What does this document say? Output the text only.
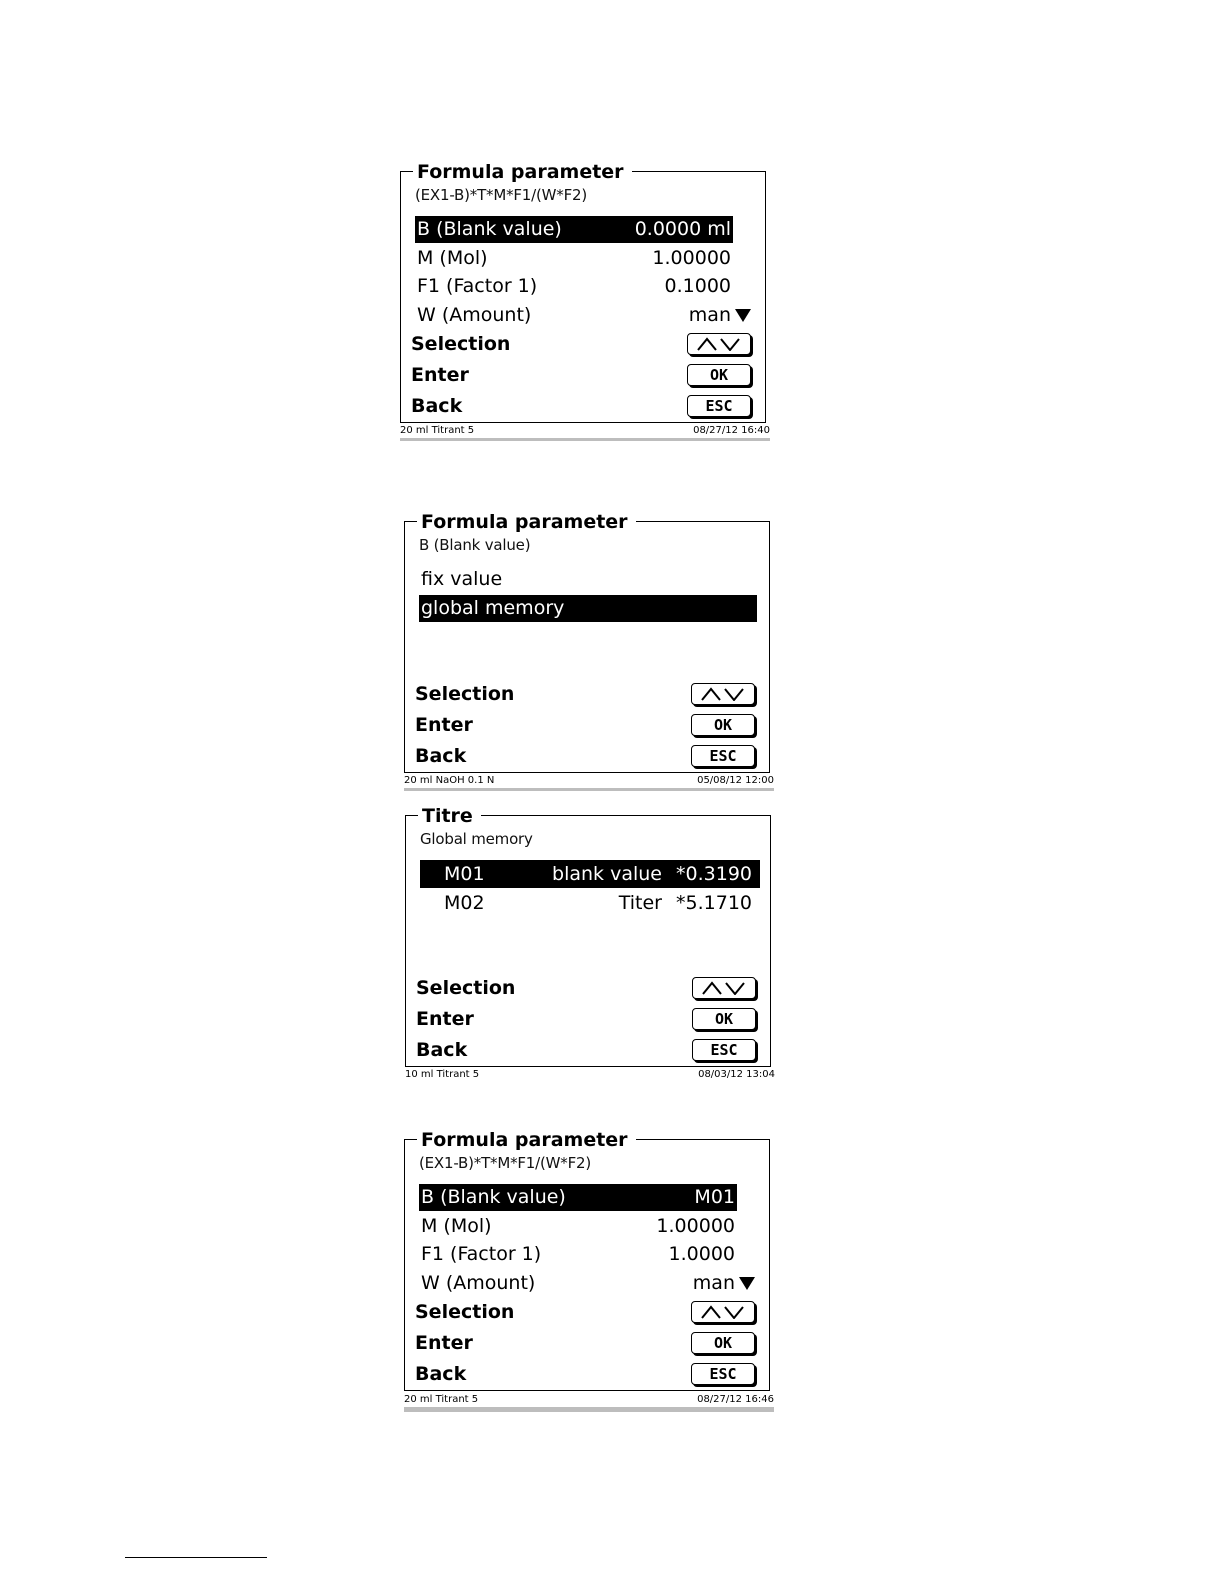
Formula parameter
(EX1-B)*T*M*F1/(W*F2)
B (Blank value)	0.0000 ml
M (Mol)	1.00000
F1 (Factor 1)	0.1000
W (Amount)	man
Selection
Enter	OK
Back	ESC
20 ml Titrant 5	08/27/12 16:40
Formula parameter
B (Blank value)
fix value
global memory
Selection
Enter	OK
Back	ESC
20 ml NaOH 0.1 N	05/08/12 12:00
Titre
Global memory
M01	blank value *0.3190
M02	Titer *5.1710
Selection
Enter	OK
Back	ESC
10 ml Titrant 5	08/03/12 13:04
Formula parameter
(EX1-B)*T*M*F1/(W*F2)
B (Blank value)	M01
M (Mol)	1.00000
F1 (Factor 1)	1.0000
W (Amount)	man
Selection
Enter	OK
Back	ESC
20 ml Titrant 5	08/27/12 16:46
